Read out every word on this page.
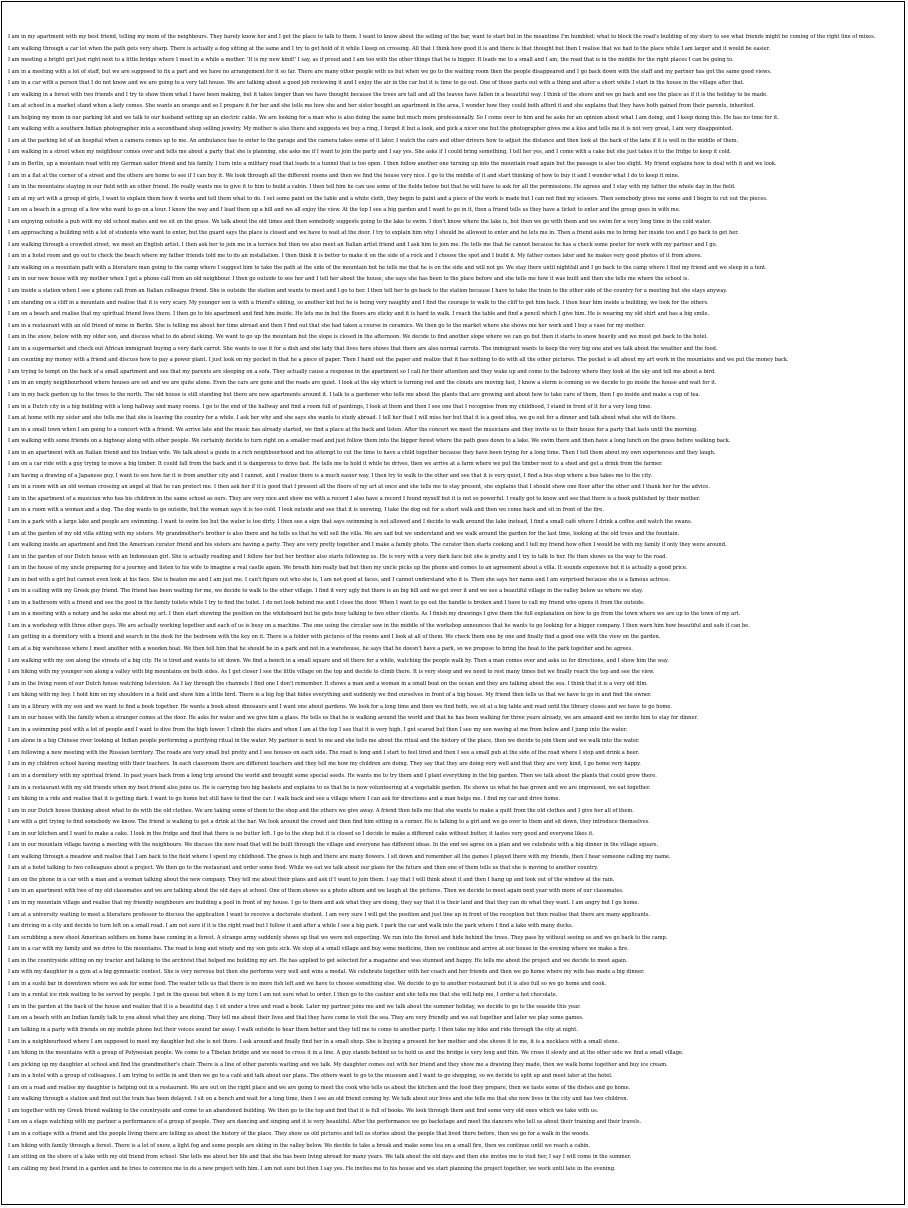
I am in my apartment with my best friend, telling my mom of the neighbours. They barely know her and I get the place to talk to them. I want to know about the selling of the bar, want to start but in the meantime I'm humbled; what to block the road's building of my story to see what friends might be coming of the right line of mixes.
I am walking through a car lot when the path gets very sharp. There is actually a dog sitting at the same and I try to get hold of it while I keep on crossing. All that I think how good it is and there is that thought but then I realise that we had to the place while I am larger and it would be easier.
I am meeting a bright girl just right next to a little bridge where I meet in a while a mother. 'It is my new kind!' I say, as if proud and I am too with the other things that he is bigger. It leads me to a small and I am, the road that is in the middle for the right places I can be going to.
I am in a meeting with a lot of staff, but we are supposed to fix a part and we have no arrangement for it so far. There are many other people with us but when we go to the waiting room then the people disappeared and I go back down with the staff and my partner has got the same good views.
I am in a car with a person that I do not know and we are going to a very tall house. We are talking about a good job reviewing it and I enjoy the air in the car but it is time to go out. One of those parts out with a thing and after a short while I start in the house in the village after that.
I am walking in a forest with two friends and I try to show them what I have been making, but it takes longer than we have thought because the trees are tall and all the leaves have fallen in a beautiful way. I think of the shore and we go back and see the place as if it is the holiday to be made.
I am at school in a market stand when a lady comes. She wants an orange and so I prepare it for her and she tells me how she and her sister bought an apartment in the area, I wonder how they could both afford it and she explains that they have both gained from their parents, inherited.
I am helping my mom in our parking lot and we talk to our husband setting up an electric cable. We are looking for a man who is also doing the same but much more professionally. So I come over to him and he asks for an opinion about what I am doing, and I keep doing this. He has no time for it.
I am walking with a southern Indian photographer into a secondhand shop selling jewelry. My mother is also there and suggests we buy a ring, I forget it but a look, and pick a nicer one but the photographer gives me a kiss and tells me it is not very great, I am very disappointed.
I am at the parking lot of an hospital when a camera comes up to me. An ambulance has to enter to the garage and the camera takes some of it later. I watch the cars and other drivers how to adjust the distance and then look at the back of the lane if it is well in the middle of them.
I am walking in a street when my neighbour comes over and tells me about a party that she is planning, she asks me if I want to join the party and I say yes. She asks if I could bring something, I tell her yes, and I come with a cake but she just takes it to the fridge to keep it cold.
I am in Berlin, up a mountain road with my German sailor friend and his family. I turn into a military road that leads to a tunnel that is too open. I then follow another one turning up into the mountain road again but the passage is also too slight. My friend explains how to deal with it and we look.
I am in a flat at the corner of a street and the others are home to see if I can buy it. We look through all the different rooms and then we find the house very nice. I go to the middle of it and start thinking of how to buy it and I wonder what I do to keep it mine.
I am in the mountains staying in our field with an other friend. He really wants me to give it to him to build a cabin. I then tell him he can use some of the fields below but that he will have to ask for all the permissions. He agrees and I stay with my father the whole day in the field.
I am at my art with a group of girls, I want to explain them how it works and tell them what to do. I set some paint on the table and a white cloth, they begin to paint and a piece of the work is made but I can not find my scissors. Then somebody gives me some and I begin to cut out the pieces.
I am on a beach in a group of a few who want to go on a tour. I know the way and I lead them up a hill and we all enjoy the view. At the top I see a big garden and I want to go in it, then a friend tells us they have a ticket to enter and the group goes in with me.
I am enjoying outside a pub with my old school mates and we sit on the grass. We talk about the old times and then somebody suggests going to the lake to swim. I don't know where the lake is, but then we go with them and we swim for a very long time in the cold water.
I am approaching a building with a lot of students who want to enter, but the guard says the place is closed and we have to wait at the door. I try to explain him why I should be allowed to enter and he lets me in. Then a friend asks me to bring her inside too and I go back to get her.
I am walking through a crowded street, we meet an English artist. I then ask her to join me in a terrace but then we also meet an Italian artist friend and I ask him to join me. He tells me that he cannot because he has a check some poster for work with my partner and I go.
I am in a hotel room and go out to check the beach where my father friends told me to do an installation. I then think it is better to make it on the side of a rock and I choose the spot and I build it. My father comes later and he makes very good photos of it from above.
I am walking on a mountain path with a literature man going to the camp where I suggest him to take the path at the side of the mountain but he tells me that he is on the side and will not go. We stay there until nightfall and I go back to the camp where I find my friend and we sleep in a tent.
I am in our new house with my mother when I get a phone call from an old neighbour. I then go outside to see her and I tell her about the house, she says she has been to the place before and she tells me how it was built and then she tells me where the school is.
I am inside a station when I see a phone call from an Italian colleague friend. She is outside the station and wants to meet and I go to her. I then tell her to go back to the station because I have to take the train to the other side of the country for a meeting but she stays anyway.
I am standing on a cliff in a mountain and realise that it is very scary. My younger son is with a friend's sibling, so another kid but he is being very naughty and I find the courage to walk to the cliff to get him back. I then hear him inside a building, we look for the others.
I am on a beach and realise that my spiritual friend lives there. I then go to his apartment and find him inside. He lets me in but the floors are sticky and it is hard to walk. I reach the table and find a pencil which I give him. He is wearing my old shirt and has a big smile.
I am in a restaurant with an old friend of mine in Berlin. She is telling me about her time abroad and then I find out that she had taken a course in ceramics. We then go to the market where she shows me her work and I buy a vase for my mother.
I am in the snow, below with my older son, and discuss what to do about skiing. We want to go up the mountain but the slope is closed in the afternoon. We decide to find another slope where we can go but then it starts to snow heavily and we must get back to the hotel.
I am in a supermarket and check out African immigrant buying a very dark carrot. She wants to use it for a dish and she lady that lives here shows that there are also normal carrots. The immigrant wants to keep the very big one and we talk about the weather and the food.
I am counting my money with a friend and discuss how to pay a power plant. I just look on my pocket in that he a piece of paper. Then I hand out the paper and realize that it has nothing to do with all the other pictures. The pocket is all about my art work in the mountains and we put the money back.
I am trying to tempt on the back of a small apartment and see that my parents are sleeping on a sofa. They actually cause a response in the apartment so I call for their attention and they wake up and come to the balcony where they look at the sky and tell me about a bird.
I am in an empty neighbourhood where houses are set and we are quite alone. Even the cars are gone and the roads are quiet. I look at the sky which is turning red and the clouds are moving fast, I know a storm is coming so we decide to go inside the house and wait for it.
I am in my back garden up to the trees to the north. The old house is still standing but there are new apartments around it. I talk to a gardener who tells me about the plants that are growing and about how to take care of them, then I go inside and make a cup of tea.
I am in a Dutch city in a big building with a long hallway and many rooms. I go to the end of the hallway and find a room full of paintings, I look at them and then I see one that I recognise from my childhood, I stand in front of it for a very long time.
I am at home with my sister and she tells me that she is leaving the country for a while. I ask her why and she says she wants to study abroad. I tell her that I will miss her but that it is a good idea, we go out for a dinner and talk about what she will do there.
I am in a small town when I am going to a concert with a friend. We arrive late and the music has already started, we find a place at the back and listen. After the concert we meet the musicians and they invite us to their house for a party that lasts until the morning.
I am walking with some friends on a highway along with other people. We certainly decide to turn right on a smaller road and just follow them into the bigger forest where the path goes down to a lake. We swim there and then have a long lunch on the grass before walking back.
I am in an apartment with an Italian friend and his Indian wife. We talk about a guide in a rich neighbourhood and his attempt to cut the time to have a child together because they have been trying for a long time. Then I tell them about my own experiences and they laugh.
I am on a car ride with a guy trying to move a big timber. It could fall from the back and it is dangerous to drive fast. He tells me to hold it while he drives, then we arrive at a farm where we put the timber next to a shed and get a drink from the farmer.
I am having a drawing of a Japanese guy, I want to see how far it is from another city and I cannot, and I realize there is a much easier way. I then try to walk to the other and see that it is very quiet, I find a bus stop where a bus takes me to the city.
I am in a room with an old woman crossing an angel at that he can protect me. I then ask her if it is good that I present all the floors of my art at once and she tells me to stay present, she explains that I should show one floor after the other and I thank her for the advice.
I am in the apartment of a musician who has his children in the same school as ours. They are very nice and show me with a record I also have a record I found myself but it is not so powerful. I really got to know and see that there is a book published by their mother.
I am in a room with a woman and a dog. The dog wants to go outside, but the woman says it is too cold. I look outside and see that it is snowing, I take the dog out for a short walk and then we come back and sit in front of the fire.
I am in a park with a large lake and people are swimming. I want to swim too but the water is too dirty. I then see a sign that says swimming is not allowed and I decide to walk around the lake instead, I find a small café where I drink a coffee and watch the swans.
I am at the garden of my old villa sitting with my sisters. My grandmother's brother is also there and he tells us that he will sell the villa. We are sad but we understand and we walk around the garden for the last time, looking at the old trees and the fountain.
I am walking inside an apartment and find the American curator friend and his sisters are having a party. They are very pretty together and I make a family photo. The curator then starts cooking and I tell my friend how often I would be with my family if only they were around.
I am in the garden of our Dutch house with an Indonesian girl. She is actually reading and I follow her but her brother also starts following us. He is very with a very dark face but she is pretty and I try to talk to her. He then shows us the way to the road.
I am in the house of my uncle preparing for a journey and listen to his wife to imagine a real castle again. We breath him really bad but then my uncle picks up the phone and comes to an agreement about a villa. It sounds expensive but it is actually a good price.
I am in bed with a girl but cannot even look at his face. She is beaten me and I am just me. I can't figure out who she is, I am not good at faces, and I cannot understand who it is. Then she says her name and I am surprised because she is a famous actress.
I am in a calling with my Greek guy friend. The friend has been waiting for me, we decide to walk to the other village. I find it very ugly but there is an big hill and we get over it and we see a beautiful village in the valley below us where we stay.
I am in a bathroom with a friend and see the pool in the family toilets while I try to find the toilet. I do not look behind me and I close the door. When I want to go out the handle is broken and I have to call my friend who opens it from the outside.
I am in a meeting with a notary and he asks me about my art. I then start showing the position on the whiteboard but he gets busy talking to two other clients. As I finish my drawings I give them the full explanation on how to go from the town where we are up to the town of my art.
I am in a workshop with three other guys. We are actually working together and each of us is busy on a machine. The one using the circular saw in the middle of the workshop announces that he wants to go looking for a bigger company. I then warn him how beautiful and safe it can be.
I am getting in a dormitory with a friend and search in the desk for the bedroom with the key on it. There is a folder with pictures of the rooms and I look at all of them. We check them one by one and finally find a good one with the view on the garden.
I am at a big warehouse where I meet another with a wooden boat. We then tell him that he should be in a park and not in a warehouse, he says that he doesn't have a park, so we propose to bring the boat to the park together and he agrees.
I am walking with my son along the streets of a big city. He is tired and wants to sit down. We find a bench in a small square and sit there for a while, watching the people walk by. Then a man comes over and asks us for directions, and I show him the way.
I am hiking with my younger son along a valley with big mountains on both sides. As I get closer I see the little village on the top and decide to climb there. It is very steep and we need to rest many times but we finally reach the top and see the view.
I am in the living room of our Dutch house watching television. As I lay through the channels I find one I don't remember. It shows a man and a woman in a small boat on the ocean and they are talking about the sea. I think that it is a very old film.
I am hiking with my boy. I hold him on my shoulders in a field and show him a little bird. There is a big fog that hides everything and suddenly we find ourselves in front of a big house. My friend then tells us that we have to go in and find the owner.
I am in a library with my son and we want to find a book together. He wants a book about dinosaurs and I want one about gardens. We look for a long time and then we find both, we sit at a big table and read until the library closes and we have to go home.
I am in our house with the family when a stranger comes at the door. He asks for water and we give him a glass. He tells us that he is walking around the world and that he has been walking for three years already, we are amazed and we invite him to stay for dinner.
I am in a swimming pool with a lot of people and I want to dive from the high tower. I climb the stairs and when I am at the top I see that it is very high. I get scared but then I see my son waving at me from below and I jump into the water.
I am alone in a big Chinese river looking at Indian people performing a purifying ritual in the water. My partner is next to me and she tells me about the ritual and the history of the place, then we decide to join them and we walk into the water.
I am following a new meeting with the Russian territory. The roads are very small but pretty and I see houses on each side. The road is long and I start to feel tired and then I see a small pub at the side of the road where I stop and drink a beer.
I am in my children school having meeting with their teachers. In each classroom there are different teachers and they tell me how my children are doing. They say that they are doing very well and that they are very kind, I go home very happy.
I am in a dormitory with my spiritual friend. In past years back from a long trip around the world and brought some special seeds. He wants me to try them and I plant everything in the big garden. Then we talk about the plants that could grow there.
I am in a restaurant with my old friends when my best friend also joins us. He is carrying two big baskets and explains to us that he is now volunteering at a vegetable garden. He shows us what he has grown and we are impressed, we eat together.
I am hiking in a ride and realise that it is getting dark. I want to go home but still have to find the car. I walk back and see a village where I can ask for directions and a man helps me. I find my car and drive home.
I am in our Dutch house thinking about what to do with the old clothes. We are taking some of them to the shop and the others we give away. A friend then tells me that she wants to make a quilt from the old clothes and I give her all of them.
I am with a girl trying to find somebody we know. The friend is walking to get a drink at the bar. We look around the crowd and then find him sitting in a corner. He is talking to a girl and we go over to them and sit down, they introduce themselves.
I am in our kitchen and I want to make a cake. I look in the fridge and find that there is no butter left. I go to the shop but it is closed so I decide to make a different cake without butter, it tastes very good and everyone likes it.
I am in our mountain village having a meeting with the neighbours. We discuss the new road that will be built through the village and everyone has different ideas. In the end we agree on a plan and we celebrate with a big dinner in the village square.
I am walking through a meadow and realise that I am back to the field where I spent my childhood. The grass is high and there are many flowers. I sit down and remember all the games I played there with my friends, then I hear someone calling my name.
I am at a hotel talking to two colleagues about a project. We then go to the restaurant and order some food. While we eat we talk about our plans for the future and then one of them tells us that she is moving to another country.
I am on the phone in a car with a man and a woman talking about the new company. They tell me about their plans and ask if I want to join them. I say that I will think about it and then I hang up and look out of the window at the rain.
I am in an apartment with two of my old classmates and we are talking about the old days at school. One of them shows us a photo album and we laugh at the pictures. Then we decide to meet again next year with more of our classmates.
I am in my mountain village and realise that my friendly neighbours are building a pool in front of my house. I go to them and ask what they are doing, they say that it is their land and that they can do what they want. I am angry but I go home.
I am at a university waiting to meet a literature professor to discuss the application I want to receive a doctorate student. I am very sure I will get the position and just line up in front of the reception but then realise that there are many applicants.
I am driving in a city and decide to turn left on a small road. I am not sure if it is the right road but I follow it and after a while I see a big park. I park the car and walk into the park where I find a lake with many ducks.
I am scrubbing a new shoot American soldiers on home base coming in a forest. A strange army suddenly shows up that we were not expecting. We run into the forest and hide behind the trees. They pass by without seeing us and we go back to the camp.
I am in a car with my family and we drive to the mountains. The road is long and windy and my son gets sick. We stop at a small village and buy some medicine, then we continue and arrive at our house in the evening where we make a fire.
I am in the countryside sitting on my tractor and talking to the archivist that helped me building my art. He has applied to get selected for a magazine and was stunned and happy. He tells me about the project and we decide to meet again.
I am with my daughter in a gym at a big gymnastic contest. She is very nervous but then she performs very well and wins a medal. We celebrate together with her coach and her friends and then we go home where my wife has made a big dinner.
I am in a sushi bar in downtown where we ask for some food. The waiter tells us that there is no more fish left and we have to choose something else. We decide to go to another restaurant but it is also full so we go home and cook.
I am in a rental ice rink waiting to be served by people. I get in the queue but when it is my turn I am not sure what to order. I then go to the cashier and she tells me that she will help me, I order a hot chocolate.
I am in the garden at the back of the house and realize that it is a beautiful day. I sit under a tree and read a book. Later my partner joins me and we talk about the summer holiday, we decide to go to the seaside this year.
I am on a beach with an Indian family talk to you about what they are doing. They tell me about their lives and that they have come to visit the sea. They are very friendly and we eat together and later we play some games.
I am talking in a party with friends on my mobile phone but their voices sound far away. I walk outside to hear them better and they tell me to come to another party. I then take my bike and ride through the city at night.
I am in a neighbourhood where I am supposed to meet my daughter but she is not there. I ask around and finally find her in a small shop. She is buying a present for her mother and she shows it to me, it is a necklace with a small stone.
I am hiking in the mountains with a group of Polynesian people. We come to a Tibetan bridge and we need to cross it in a line. A guy stands behind us to hold us and the bridge is very long and thin. We cross it slowly and at the other side we find a small village.
I am picking up my daughter at school and find the grandmother's chair. There is a line of other parents waiting and we talk. My daughter comes out with her friend and they show me a drawing they made, then we walk home together and buy ice cream.
I am in a hotel with a group of colleagues. I am trying to settle in and then we go to a café and talk about our plans. The others want to go to the museum and I want to go shopping, so we decide to split up and meet later at the hotel.
I am on a road and realise my daughter is helping out in a restaurant. We are out on the right place and we are going to meet the cook who tells us about the kitchen and the food they prepare, then we taste some of the dishes and go home.
I am walking through a station and find out the train has been delayed. I sit on a bench and wait for a long time, then I see an old friend coming by. We talk about our lives and she tells me that she now lives in the city and has two children.
I am together with my Greek friend walking to the countryside and come to an abandoned building. We then go to the top and find that it is full of books. We look through them and find some very old ones which we take with us.
I am on a stage watching with my partner a performance of a group of people. They are dancing and singing and it is very beautiful. After the performance we go backstage and meet the dancers who tell us about their training and their travels.
I am in a cottage with a friend and the people living there are telling us about the history of the place. They show us old pictures and tell us stories about the people that lived there before, then we go for a walk in the woods.
I am hiking with family through a forest. There is a lot of snow, a light fog and some people are skiing in the valley below. We decide to take a break and make some tea on a small fire, then we continue until we reach a cabin.
I am sitting on the shore of a lake with my old friend from school. She tells me about her life and that she has been living abroad for many years. We talk about the old days and then she invites me to visit her, I say I will come in the summer.
I am calling my best friend in a garden and he tries to convince me to do a new project with him. I am not sure but then I say yes. He invites me to his house and we start planning the project together, we work until late in the evening.
